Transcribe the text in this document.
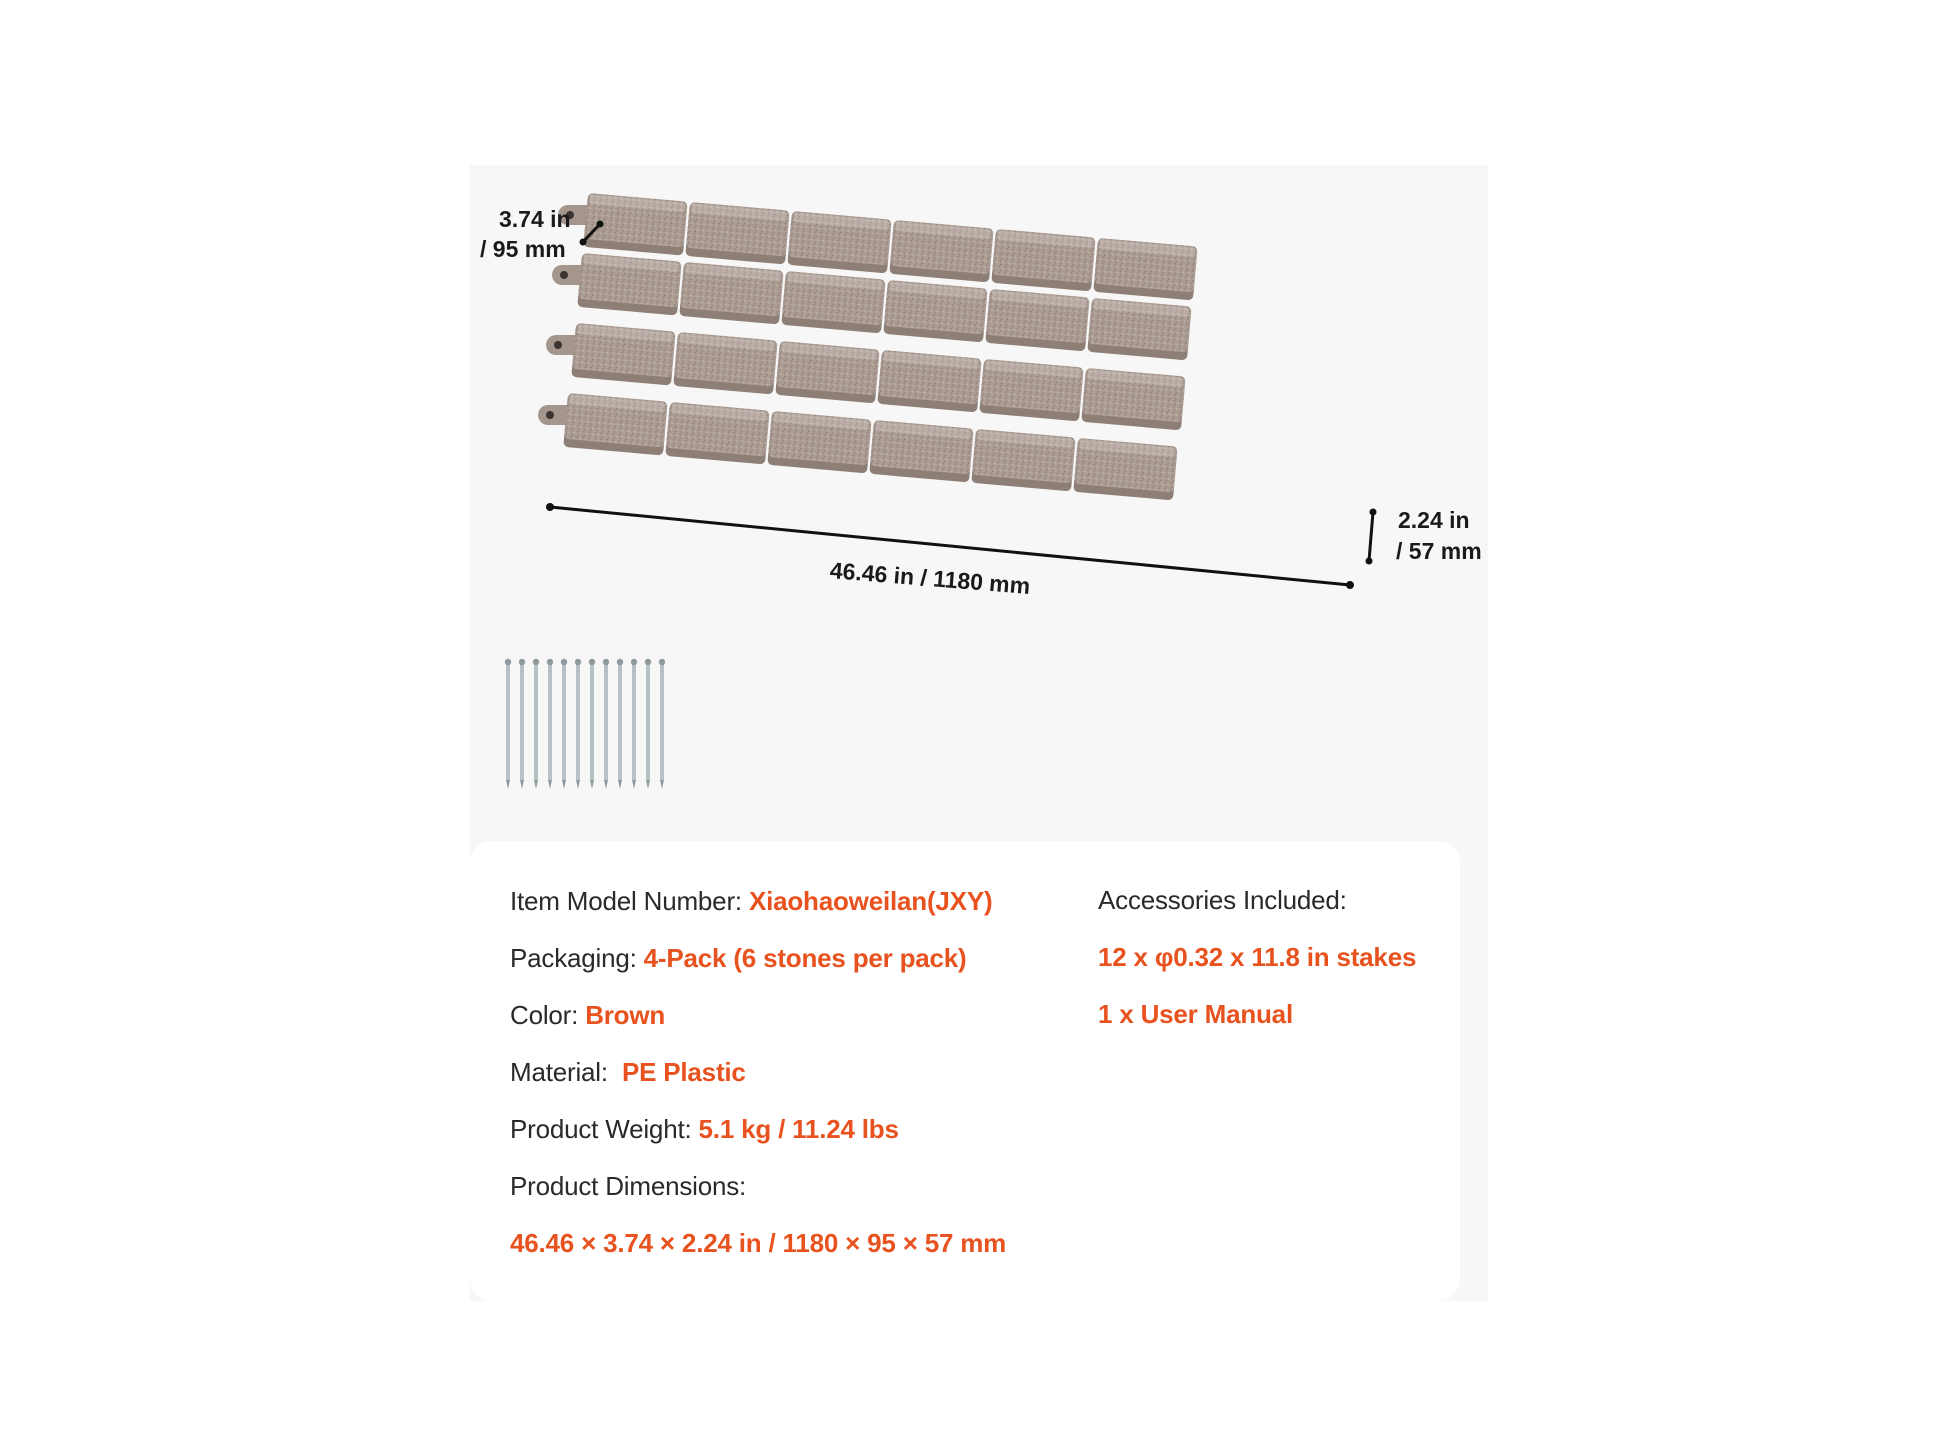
46.46 in / 1180 mm
3.74 in
/ 95 mm
2.24 in
/ 57 mm
Item Model Number: Xiaohaoweilan(JXY)
Packaging: 4-Pack (6 stones per pack)
Color: Brown
Material:  PE Plastic
Product Weight: 5.1 kg / 11.24 lbs
Product Dimensions:
46.46 × 3.74 × 2.24 in / 1180 × 95 × 57 mm
Accessories Included:
12 x φ0.32 x 11.8 in stakes
1 x User Manual
